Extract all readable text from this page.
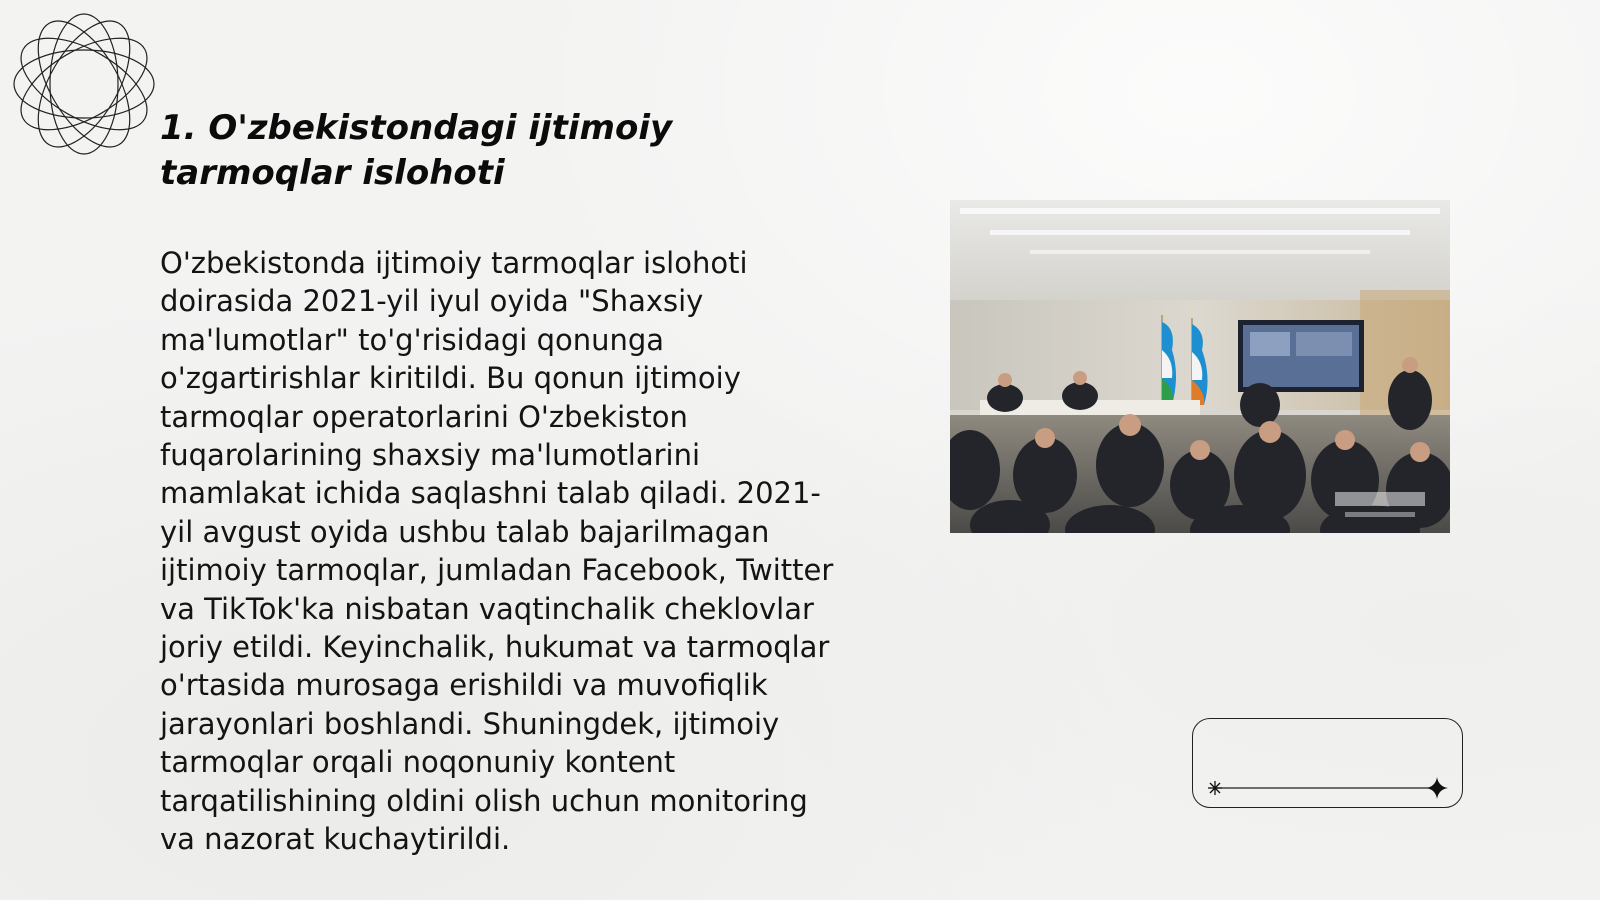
1. O'zbekistondagi ijtimoiy tarmoqlar islohoti

O'zbekistonda ijtimoiy tarmoqlar islohoti doirasida 2021-yil iyul oyida "Shaxsiy ma'lumotlar" to'g'risidagi qonunga o'zgartirishlar kiritildi. Bu qonun ijtimoiy tarmoqlar operatorlarini O'zbekiston fuqarolarining shaxsiy ma'lumotlarini mamlakat ichida saqlashni talab qiladi. 2021-yil avgust oyida ushbu talab bajarilmagan ijtimoiy tarmoqlar, jumladan Facebook, Twitter va TikTok'ka nisbatan vaqtinchalik cheklovlar joriy etildi. Keyinchalik, hukumat va tarmoqlar o'rtasida murosaga erishildi va muvofiqlik jarayonlari boshlandi. Shuningdek, ijtimoiy tarmoqlar orqali noqonuniy kontent tarqatilishining oldini olish uchun monitoring va nazorat kuchaytirildi.
